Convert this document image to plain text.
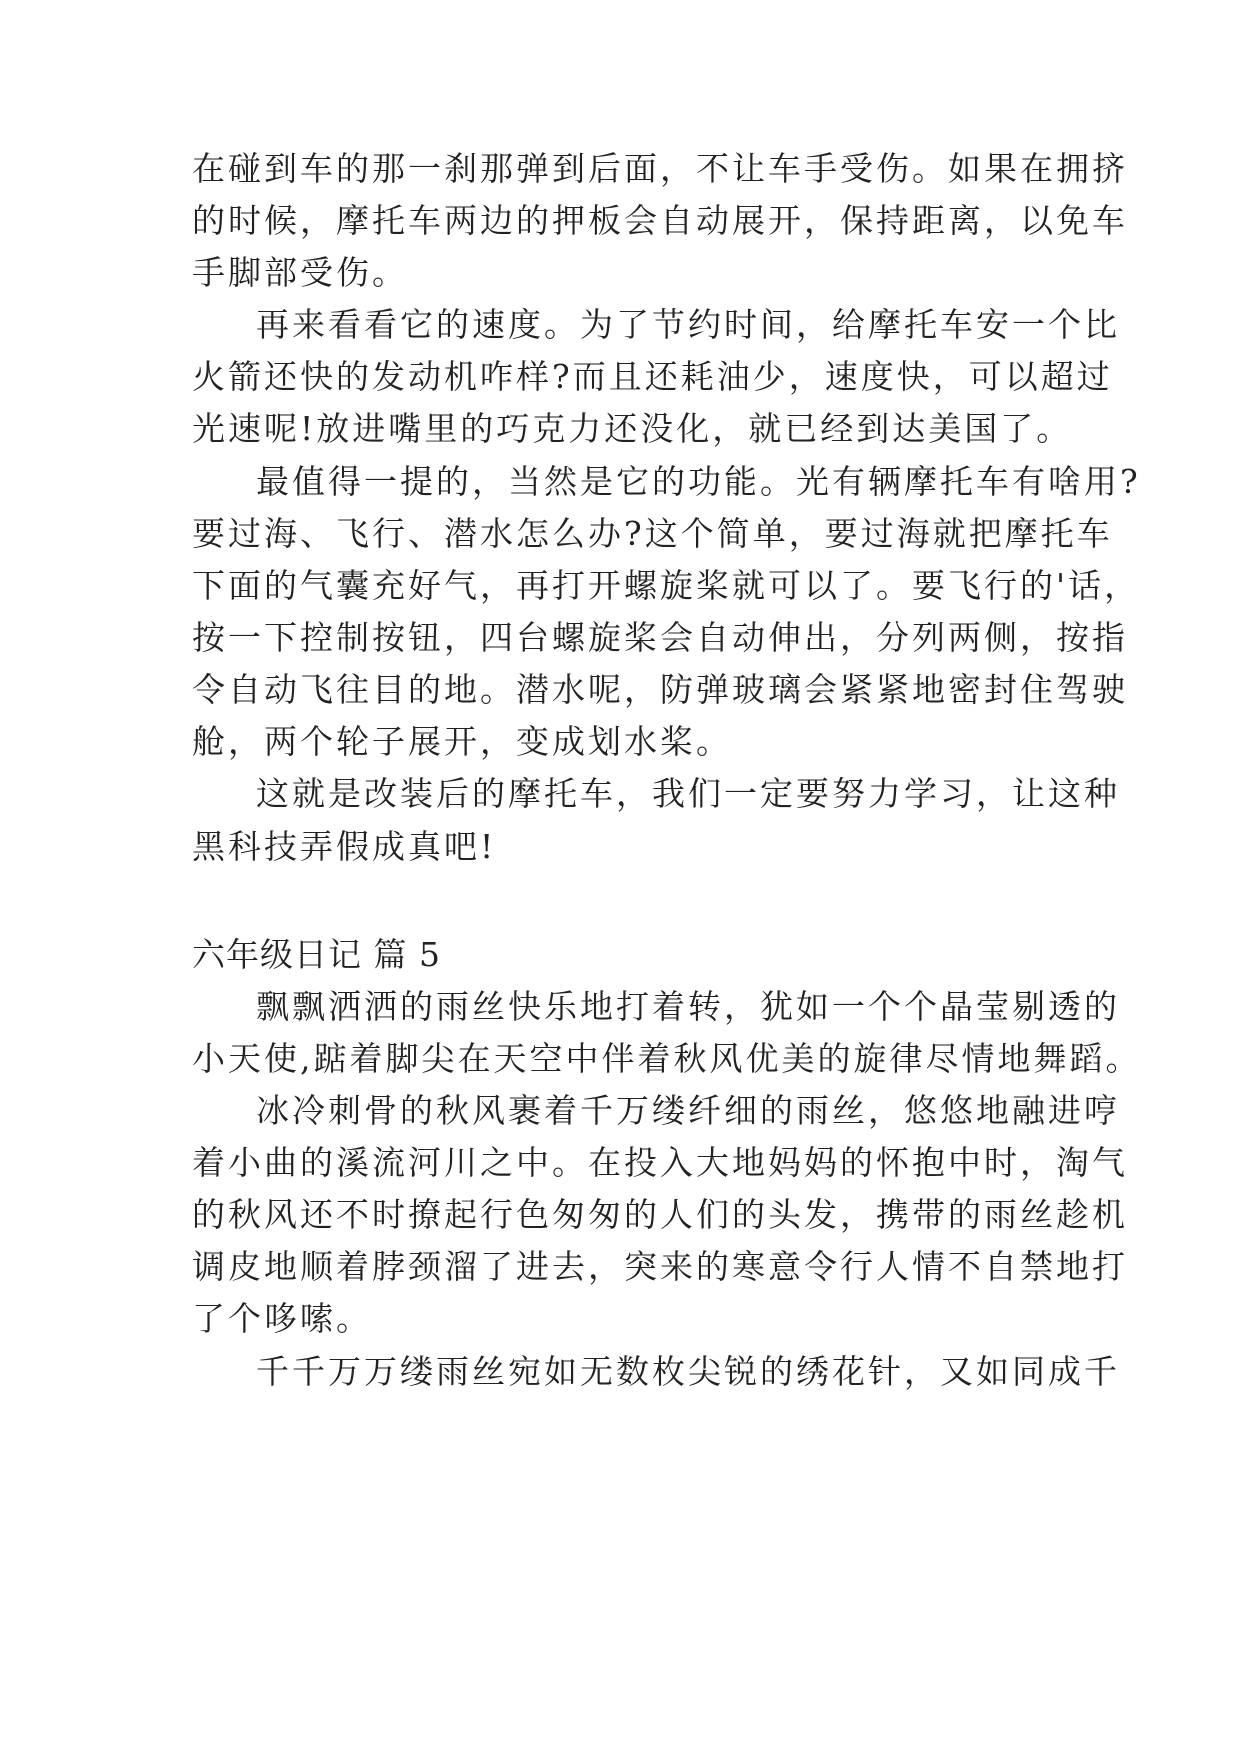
在碰到车的那一刹那弹到后面，不让车手受伤。如果在拥挤
的时候，摩托车两边的押板会自动展开，保持距离，以免车
手脚部受伤。
再来看看它的速度。为了节约时间，给摩托车安一个比
火箭还快的发动机咋样?而且还耗油少，速度快，可以超过
光速呢!放进嘴里的巧克力还没化，就已经到达美国了。
最值得一提的，当然是它的功能。光有辆摩托车有啥用?
要过海、飞行、潜水怎么办?这个简单，要过海就把摩托车
下面的气囊充好气，再打开螺旋桨就可以了。要飞行的'话，
按一下控制按钮，四台螺旋桨会自动伸出，分列两侧，按指
令自动飞往目的地。潜水呢，防弹玻璃会紧紧地密封住驾驶
舱，两个轮子展开，变成划水桨。
这就是改装后的摩托车，我们一定要努力学习，让这种
黑科技弄假成真吧!
六年级日记 篇 5
飘飘洒洒的雨丝快乐地打着转，犹如一个个晶莹剔透的
小天使,踮着脚尖在天空中伴着秋风优美的旋律尽情地舞蹈。
冰冷刺骨的秋风裹着千万缕纤细的雨丝，悠悠地融进哼
着小曲的溪流河川之中。在投入大地妈妈的怀抱中时，淘气
的秋风还不时撩起行色匆匆的人们的头发，携带的雨丝趁机
调皮地顺着脖颈溜了进去，突来的寒意令行人情不自禁地打
了个哆嗦。
千千万万缕雨丝宛如无数枚尖锐的绣花针，又如同成千
